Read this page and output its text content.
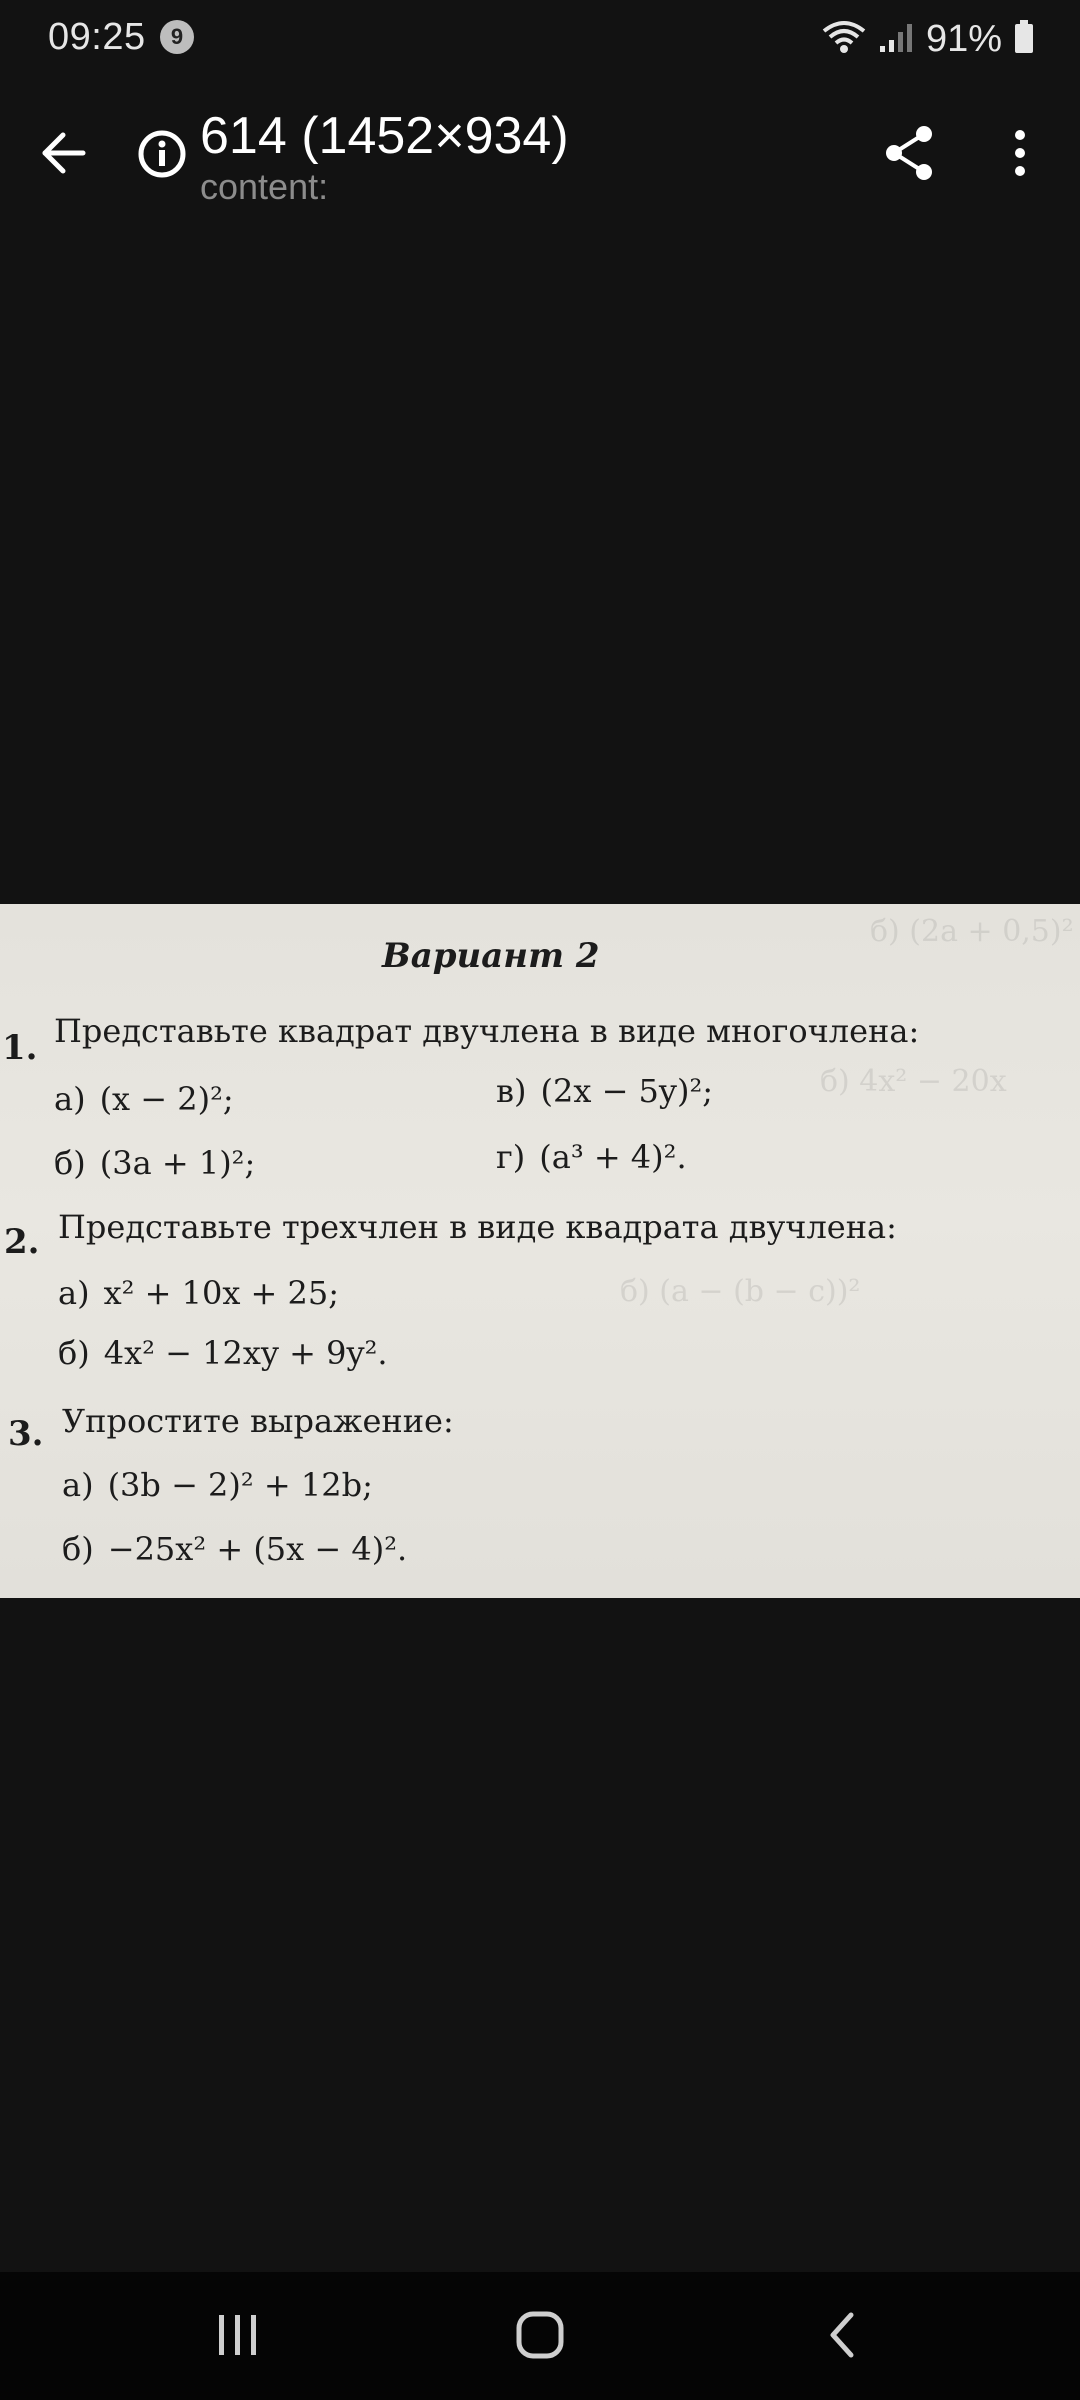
09:25	9	91%
614 (1452×934)
content:
б) (2a + 0,5)²
б) 4x² − 20x
б) (a − (b − c))²
Вариант 2
1. Представьте квадрат двучлена в виде многочлена:
а) (x − 2)²;	в) (2x − 5y)²;
б) (3a + 1)²;	г) (a³ + 4)².
2. Представьте трехчлен в виде квадрата двучлена:
а) x² + 10x + 25;
б) 4x² − 12xy + 9y².
3. Упростите выражение:
а) (3b − 2)² + 12b;
б) −25x² + (5x − 4)².
